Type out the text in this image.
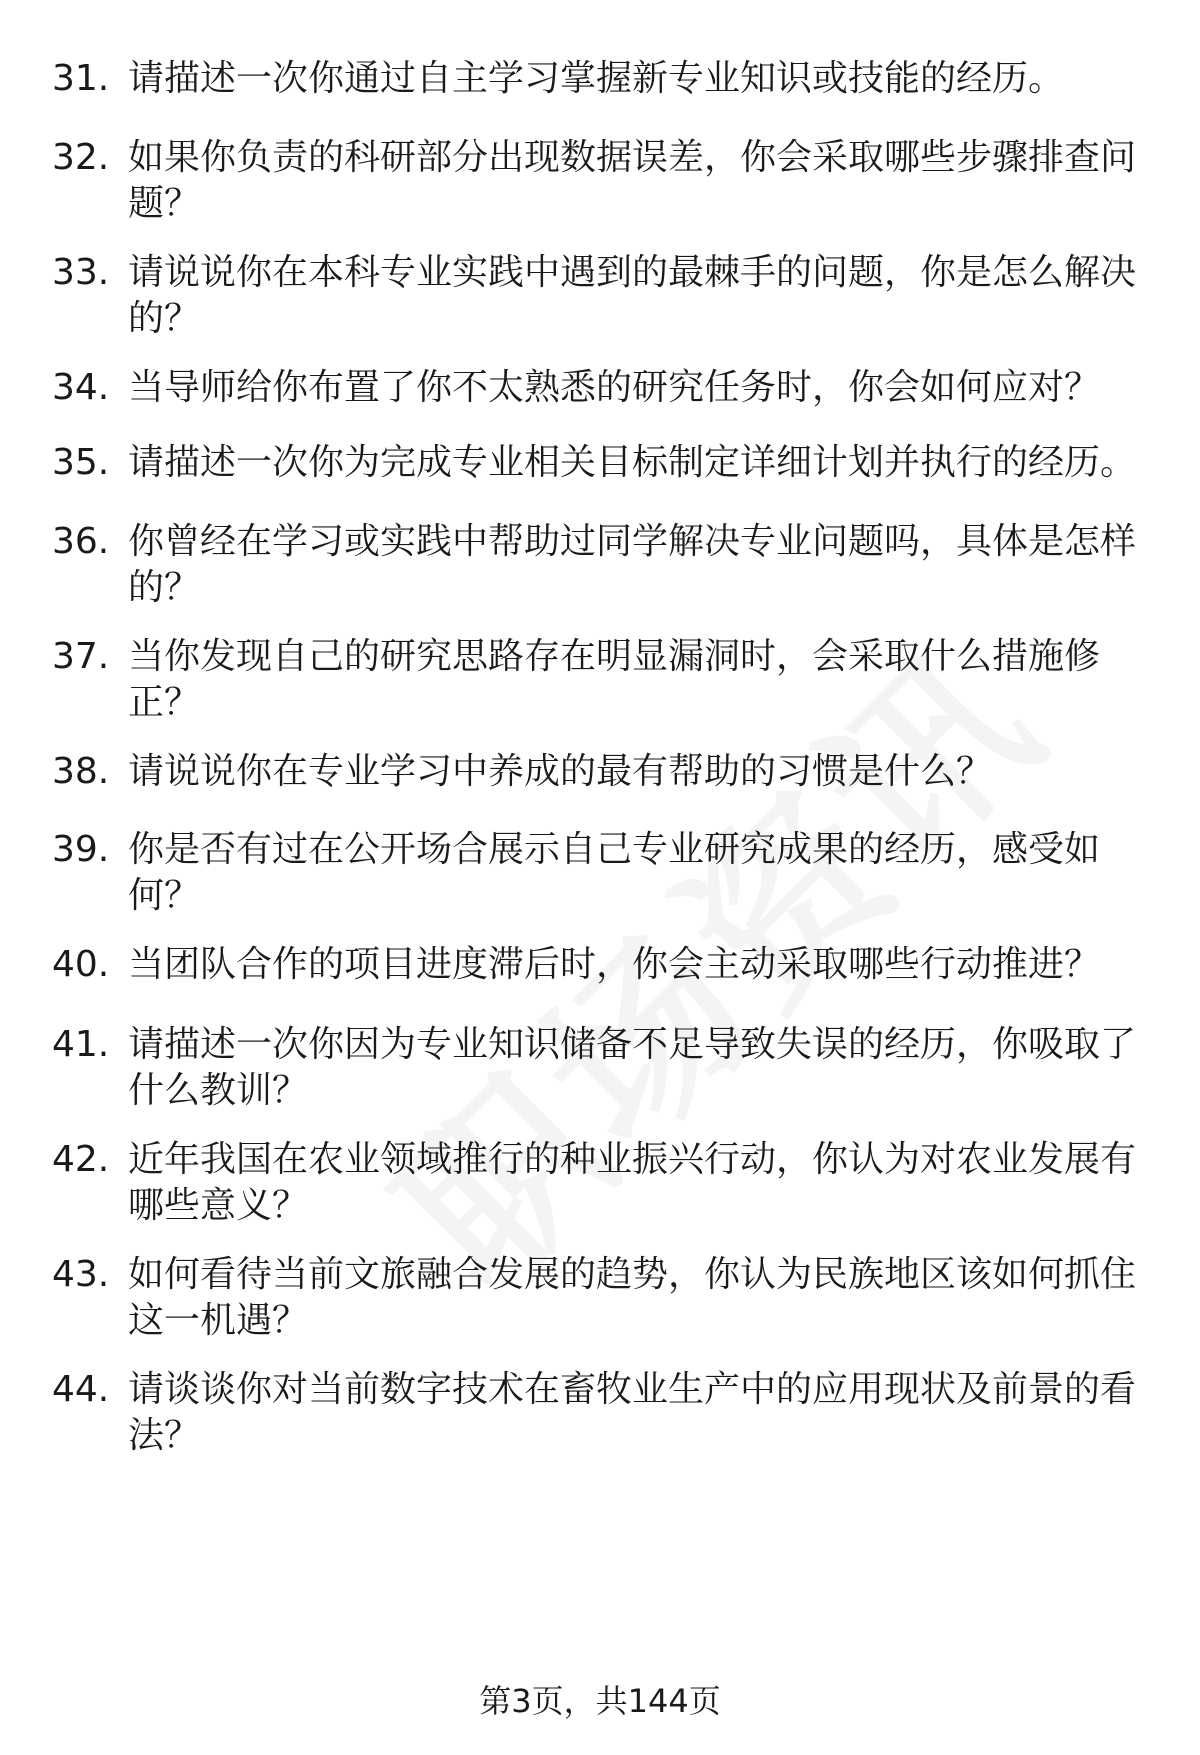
31. 请描述一次你通过自主学习掌握新专业知识或技能的经历。
32. 如果你负责的科研部分出现数据误差，你会采取哪些步骤排查问
题？
33. 请说说你在本科专业实践中遇到的最棘手的问题，你是怎么解决
的？
34. 当导师给你布置了你不太熟悉的研究任务时，你会如何应对？
35. 请描述一次你为完成专业相关目标制定详细计划并执行的经历。
36. 你曾经在学习或实践中帮助过同学解决专业问题吗，具体是怎样
的？
37. 当你发现自己的研究思路存在明显漏洞时，会采取什么措施修
正？
38. 请说说你在专业学习中养成的最有帮助的习惯是什么？
39. 你是否有过在公开场合展示自己专业研究成果的经历，感受如
何？
40. 当团队合作的项目进度滞后时，你会主动采取哪些行动推进？
41. 请描述一次你因为专业知识储备不足导致失误的经历，你吸取了
什么教训？
42. 近年我国在农业领域推行的种业振兴行动，你认为对农业发展有
哪些意义？
43. 如何看待当前文旅融合发展的趋势，你认为民族地区该如何抓住
这一机遇？
44. 请谈谈你对当前数字技术在畜牧业生产中的应用现状及前景的看
法？
第3页，共144页
